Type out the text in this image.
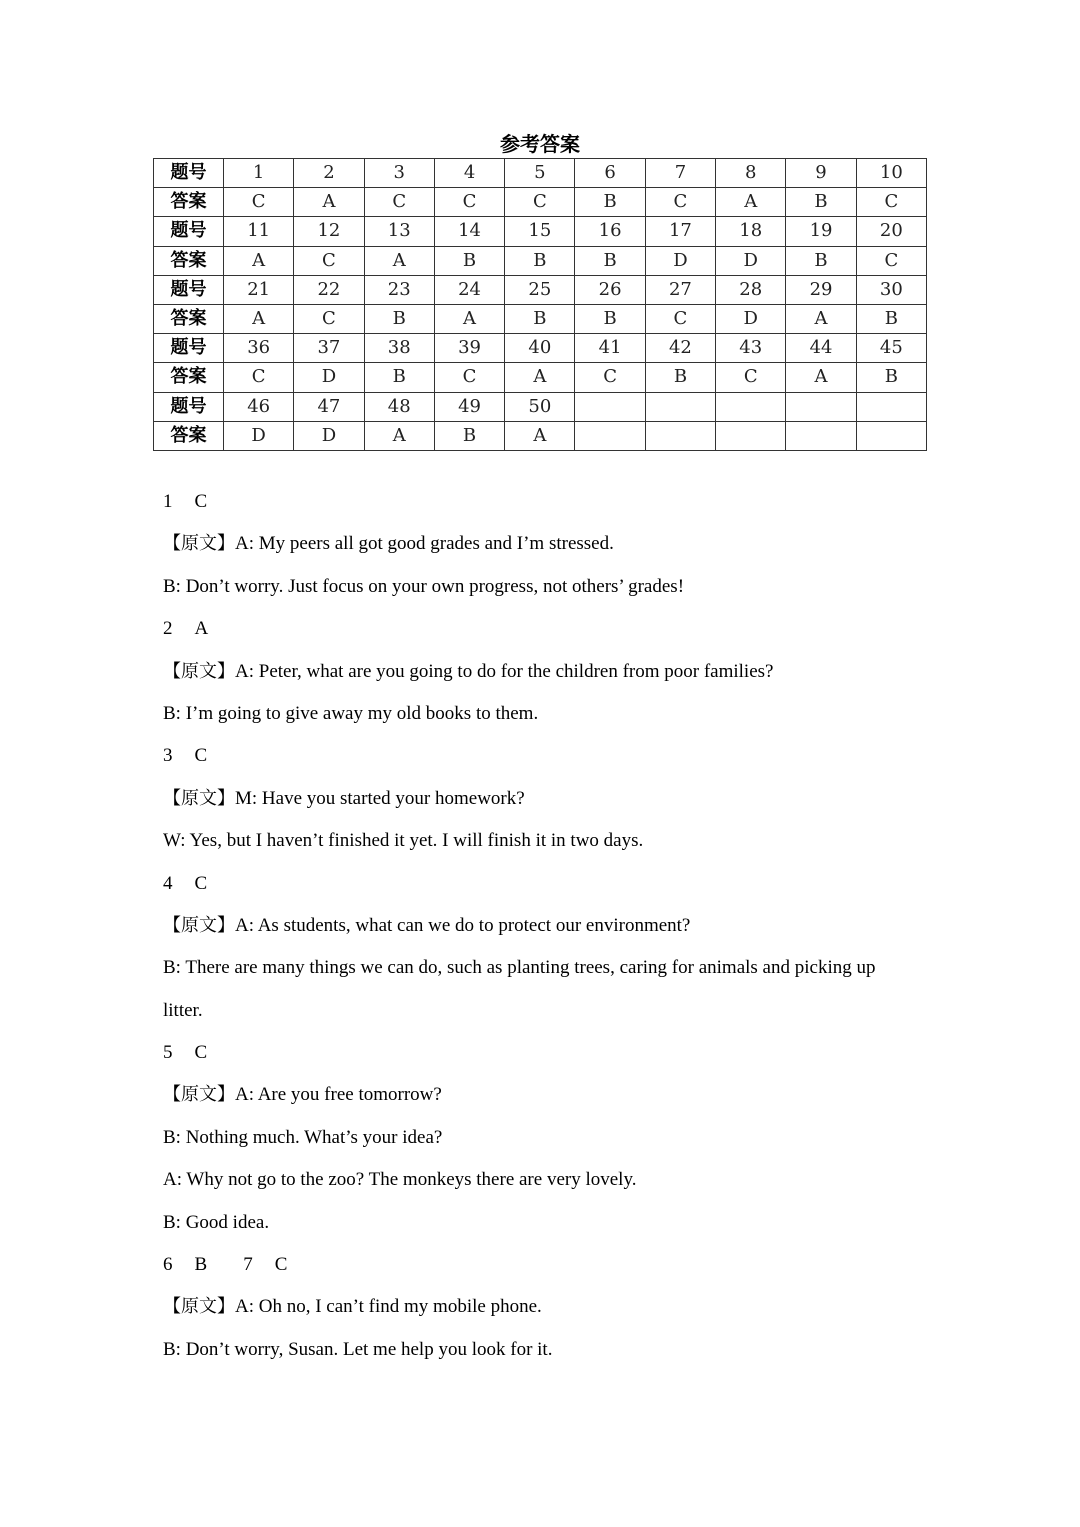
参考答案
题号	1	2	3	4	5	6	7	8	9	10
答案	C	A	C	C	C	B	C	A	B	C
题号	11	12	13	14	15	16	17	18	19	20
答案	A	C	A	B	B	B	D	D	B	C
题号	21	22	23	24	25	26	27	28	29	30
答案	A	C	B	A	B	B	C	D	A	B
题号	36	37	38	39	40	41	42	43	44	45
答案	C	D	B	C	A	C	B	C	A	B
题号	46	47	48	49	50					
答案	D	D	A	B	A					
1 C
【原文】A: My peers all got good grades and I’m stressed.
B: Don’t worry. Just focus on your own progress, not others’ grades!
2 A
【原文】A: Peter, what are you going to do for the children from poor families?
B: I’m going to give away my old books to them.
3 C
【原文】M: Have you started your homework?
W: Yes, but I haven’t finished it yet. I will finish it in two days.
4 C
【原文】A: As students, what can we do to protect our environment?
B: There are many things we can do, such as planting trees, caring for animals and picking up
litter.
5 C
【原文】A: Are you free tomorrow?
B: Nothing much. What’s your idea?
A: Why not go to the zoo? The monkeys there are very lovely.
B: Good idea.
6 B 7 C
【原文】A: Oh no, I can’t find my mobile phone.
B: Don’t worry, Susan. Let me help you look for it.
